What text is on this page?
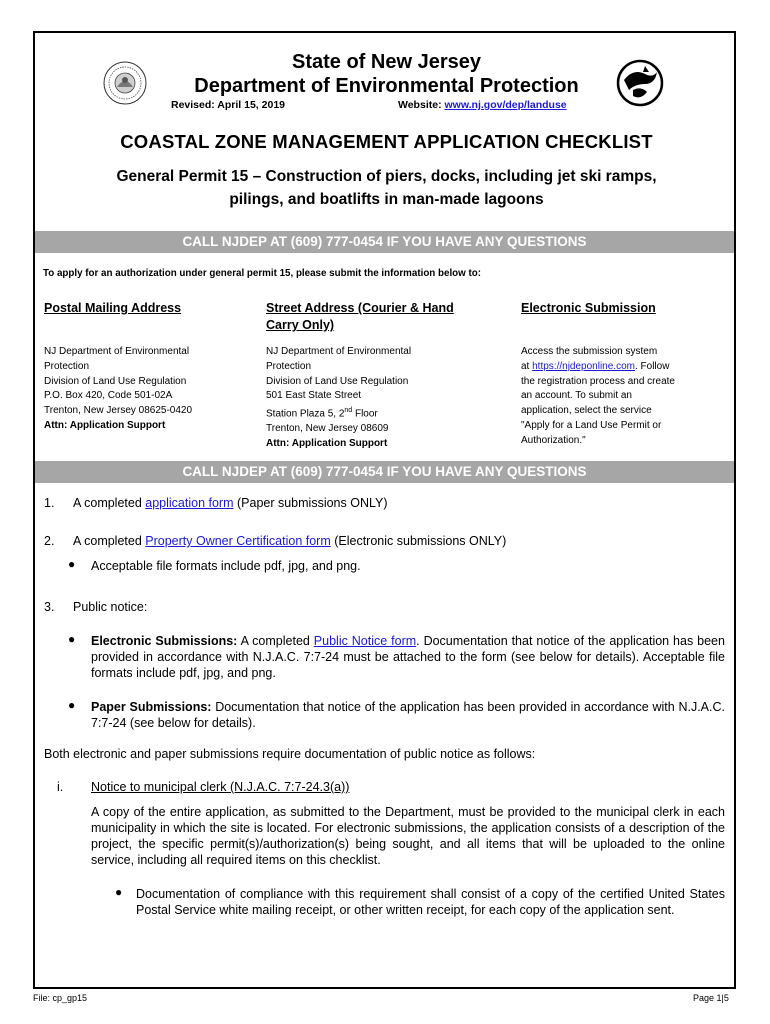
State of New Jersey
Department of Environmental Protection
Revised: April 15, 2019	Website: www.nj.gov/dep/landuse
COASTAL ZONE MANAGEMENT APPLICATION CHECKLIST
General Permit 15 – Construction of piers, docks, including jet ski ramps,
pilings, and boatlifts in man-made lagoons
CALL NJDEP AT (609) 777-0454 IF YOU HAVE ANY QUESTIONS
To apply for an authorization under general permit 15, please submit the information below to:
Postal Mailing Address
NJ Department of Environmental
Protection
Division of Land Use Regulation
P.O. Box 420, Code 501-02A
Trenton, New Jersey 08625-0420
Attn: Application Support
Street Address (Courier & Hand
Carry Only)
NJ Department of Environmental
Protection
Division of Land Use Regulation
501 East State Street
Station Plaza 5, 2nd Floor
Trenton, New Jersey 08609
Attn: Application Support
Electronic Submission
Access the submission system
at https://njdeponline.com. Follow
the registration process and create
an account. To submit an
application, select the service
"Apply for a Land Use Permit or
Authorization."
CALL NJDEP AT (609) 777-0454 IF YOU HAVE ANY QUESTIONS
1. A completed application form (Paper submissions ONLY)
2. A completed Property Owner Certification form (Electronic submissions ONLY)
● Acceptable file formats include pdf, jpg, and png.
3. Public notice:
● Electronic Submissions: A completed Public Notice form. Documentation that notice of the application has been provided in accordance with N.J.A.C. 7:7-24 must be attached to the form (see below for details). Acceptable file formats include pdf, jpg, and png.
● Paper Submissions: Documentation that notice of the application has been provided in accordance with N.J.A.C. 7:7-24 (see below for details).
Both electronic and paper submissions require documentation of public notice as follows:
i. Notice to municipal clerk (N.J.A.C. 7:7-24.3(a))
A copy of the entire application, as submitted to the Department, must be provided to the municipal clerk in each municipality in which the site is located. For electronic submissions, the application consists of a description of the project, the specific permit(s)/authorization(s) being sought, and all items that will be uploaded to the online service, including all required items on this checklist.
● Documentation of compliance with this requirement shall consist of a copy of the certified United States Postal Service white mailing receipt, or other written receipt, for each copy of the application sent.
File: cp_gp15	Page 1|5
